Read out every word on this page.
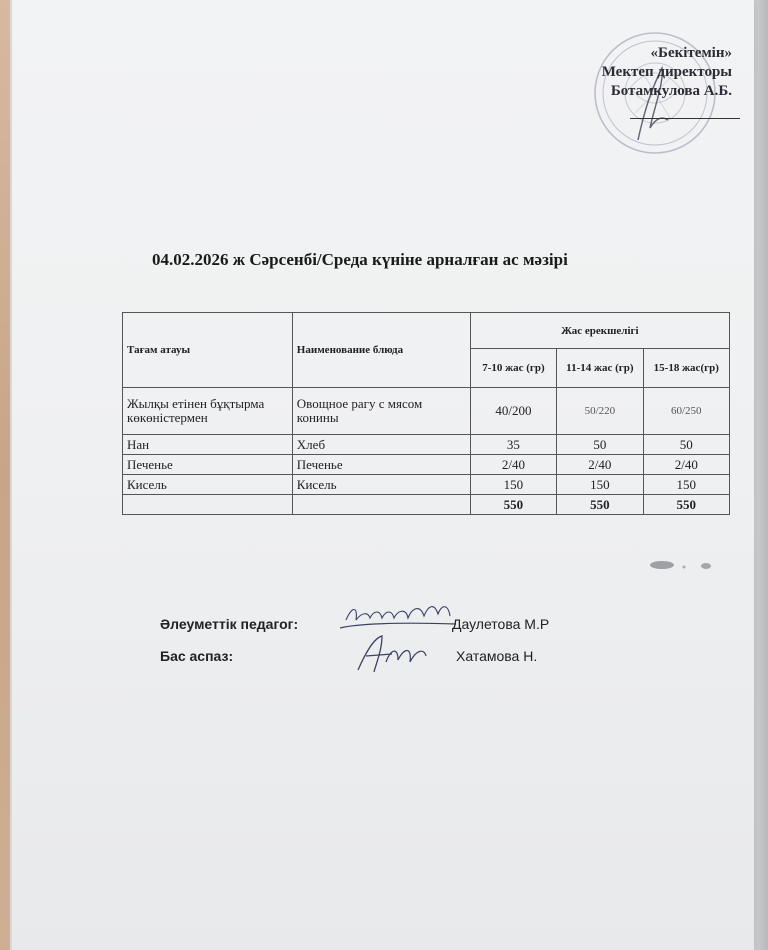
«Бекітемін»
Мектеп директоры
Ботамкулова А.Б.
04.02.2026 ж Сәрсенбі/Среда күніне арналған ас мәзірі
Тағам атауы	Наименование блюда	Жас ерекшелігі		
		7-10 жас (гр)	11-14 жас (гр)	15-18 жас(гр)
Жылқы етінен бұқтырма көкөністермен	Овощное рагу с мясом конины	40/200	50/220	60/250
Нан	Хлеб	35	50	50
Печенье	Печенье	2/40	2/40	2/40
Кисель	Кисель	150	150	150
		550	550	550
Әлеуметтік педагог:	Даулетова М.Р
Бас аспаз:	Хатамова Н.
